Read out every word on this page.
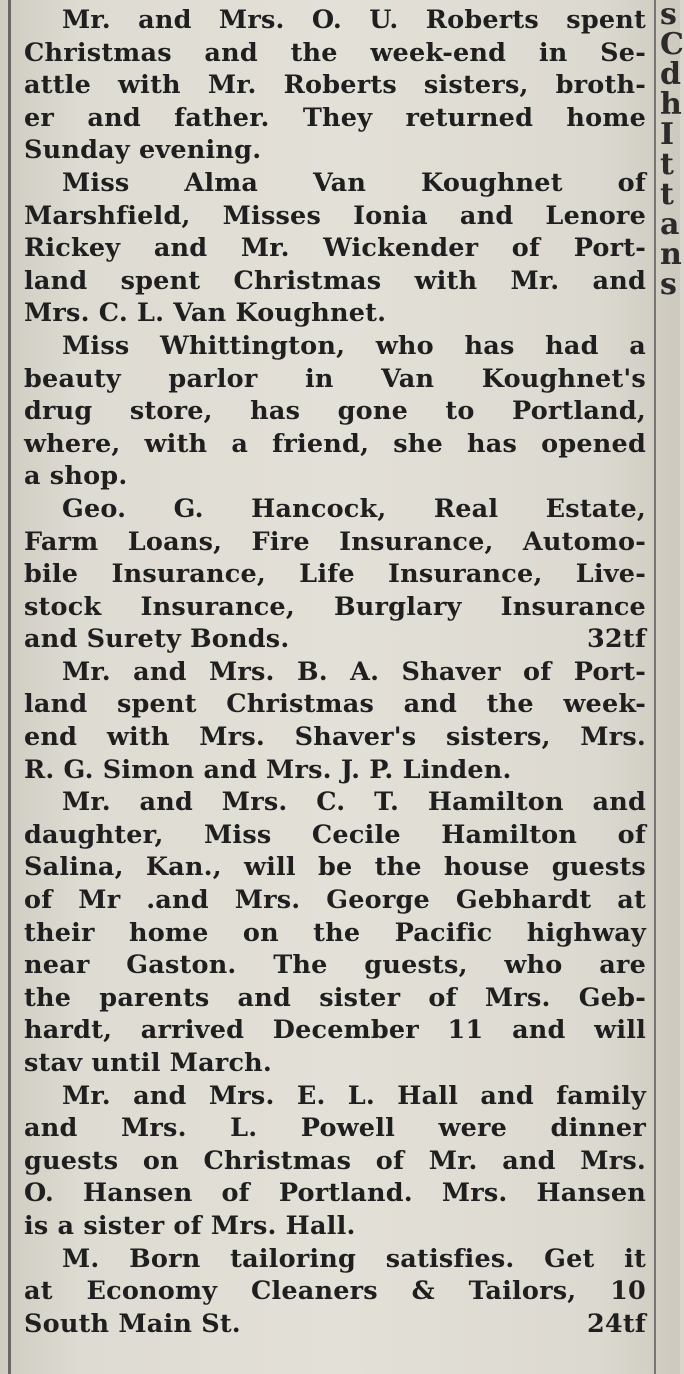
s
C
d
h
I
t
t
a
n
s

Mr. and Mrs. O. U. Roberts spent
Christmas and the week-end in Se-
attle with Mr. Roberts sisters, broth-
er and father. They returned home
Sunday evening.

Miss Alma Van Koughnet of
Marshfield, Misses Ionia and Lenore
Rickey and Mr. Wickender of Port-
land spent Christmas with Mr. and
Mrs. C. L. Van Koughnet.

Miss Whittington, who has had a
beauty parlor in Van Koughnet's
drug store, has gone to Portland,
where, with a friend, she has opened
a shop.

Geo. G. Hancock, Real Estate,
Farm Loans, Fire Insurance, Automo-
bile Insurance, Life Insurance, Live-
stock Insurance, Burglary Insurance
and Surety Bonds.	32tf

Mr. and Mrs. B. A. Shaver of Port-
land spent Christmas and the week-
end with Mrs. Shaver's sisters, Mrs.
R. G. Simon and Mrs. J. P. Linden.

Mr. and Mrs. C. T. Hamilton and
daughter, Miss Cecile Hamilton of
Salina, Kan., will be the house guests
of Mr .and Mrs. George Gebhardt at
their home on the Pacific highway
near Gaston. The guests, who are
the parents and sister of Mrs. Geb-
hardt, arrived December 11 and will
stav until March.

Mr. and Mrs. E. L. Hall and family
and Mrs. L. Powell were dinner
guests on Christmas of Mr. and Mrs.
O. Hansen of Portland. Mrs. Hansen
is a sister of Mrs. Hall.

M. Born tailoring satisfies. Get it
at Economy Cleaners & Tailors, 10
South Main St.	24tf
